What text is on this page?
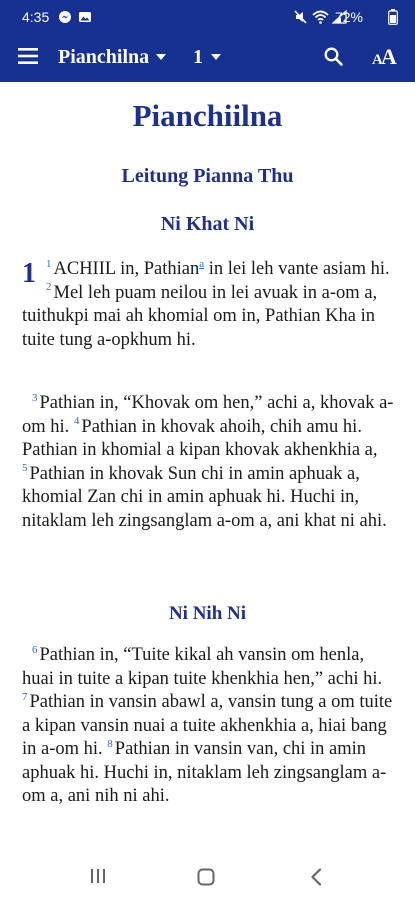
4:35	72%
Pianchilna 1	AA
Pianchiilna
Leitung Pianna Thu
Ni Khat Ni
1 $^1$ ACHIIL in, Pathian$^a$ in lei leh vante asiam hi. $^2$ Mel leh puam neilou in lei avuak in a-om a, tuithukpi mai ah khomial om in, Pathian Kha in tuite tung a-opkhum hi.
$^3$ Pathian in, “Khovak om hen,” achi a, khovak a-om hi. $^4$ Pathian in khovak ahoih, chih amu hi. Pathian in khomial a kipan khovak akhenkhia a, $^5$ Pathian in khovak Sun chi in amin aphuak a, khomial Zan chi in amin aphuak hi. Huchi in, nitaklam leh zingsanglam a-om a, ani khat ni ahi.
Ni Nih Ni
$^6$ Pathian in, “Tuite kikal ah vansin om henla, huai in tuite a kipan tuite khenkhia hen,” achi hi. $^7$ Pathian in vansin abawl a, vansin tung a om tuite a kipan vansin nuai a tuite akhenkhia a, hiai bang in a-om hi. $^8$ Pathian in vansin van, chi in amin aphuak hi. Huchi in, nitaklam leh zingsanglam a-om a, ani nih ni ahi.
